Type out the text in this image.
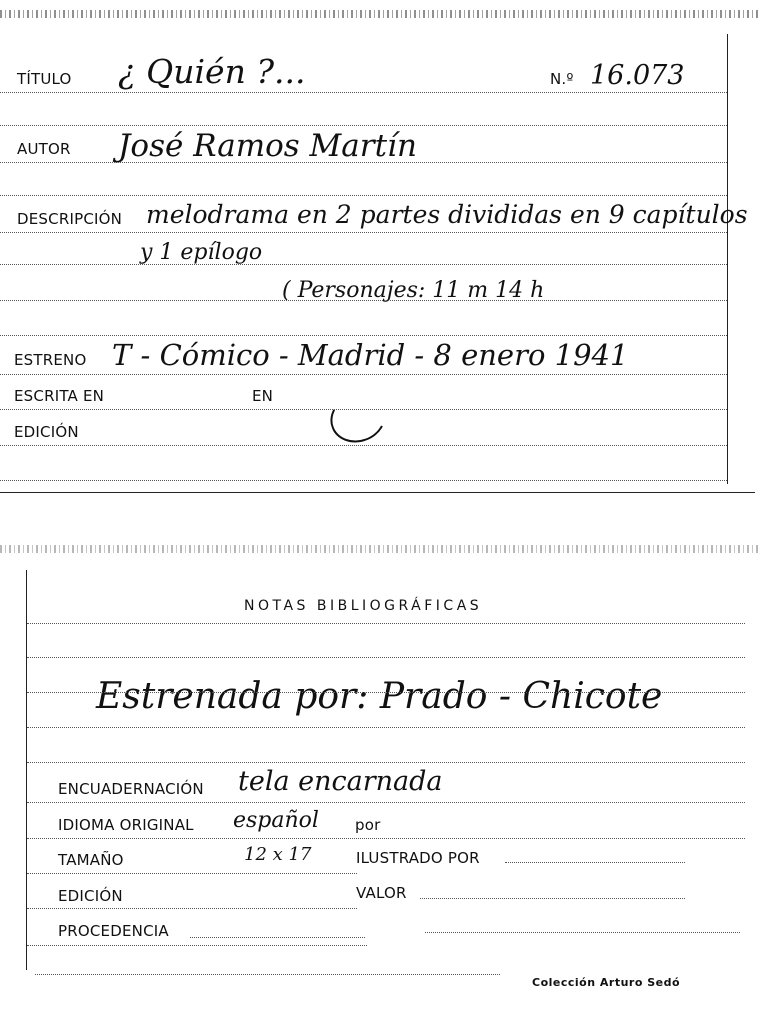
TÍTULO ¿ Quién ?...	N.º 16.073
AUTOR José Ramos Martín
DESCRIPCIÓN melodrama en 2 partes divididas en 9 capítulos
y 1 epílogo
( Personajes: 11 m 14 h
ESTRENO T - Cómico - Madrid - 8 enero 1941
ESCRITA EN	EN
EDICIÓN
NOTAS BIBLIOGRÁFICAS
Estrenada por: Prado - Chicote
ENCUADERNACIÓN tela encarnada
IDIOMA ORIGINAL español por
TAMAÑO	12 x 17	ILUSTRADO POR
EDICIÓN	VALOR
PROCEDENCIA
Colección Arturo Sedó
